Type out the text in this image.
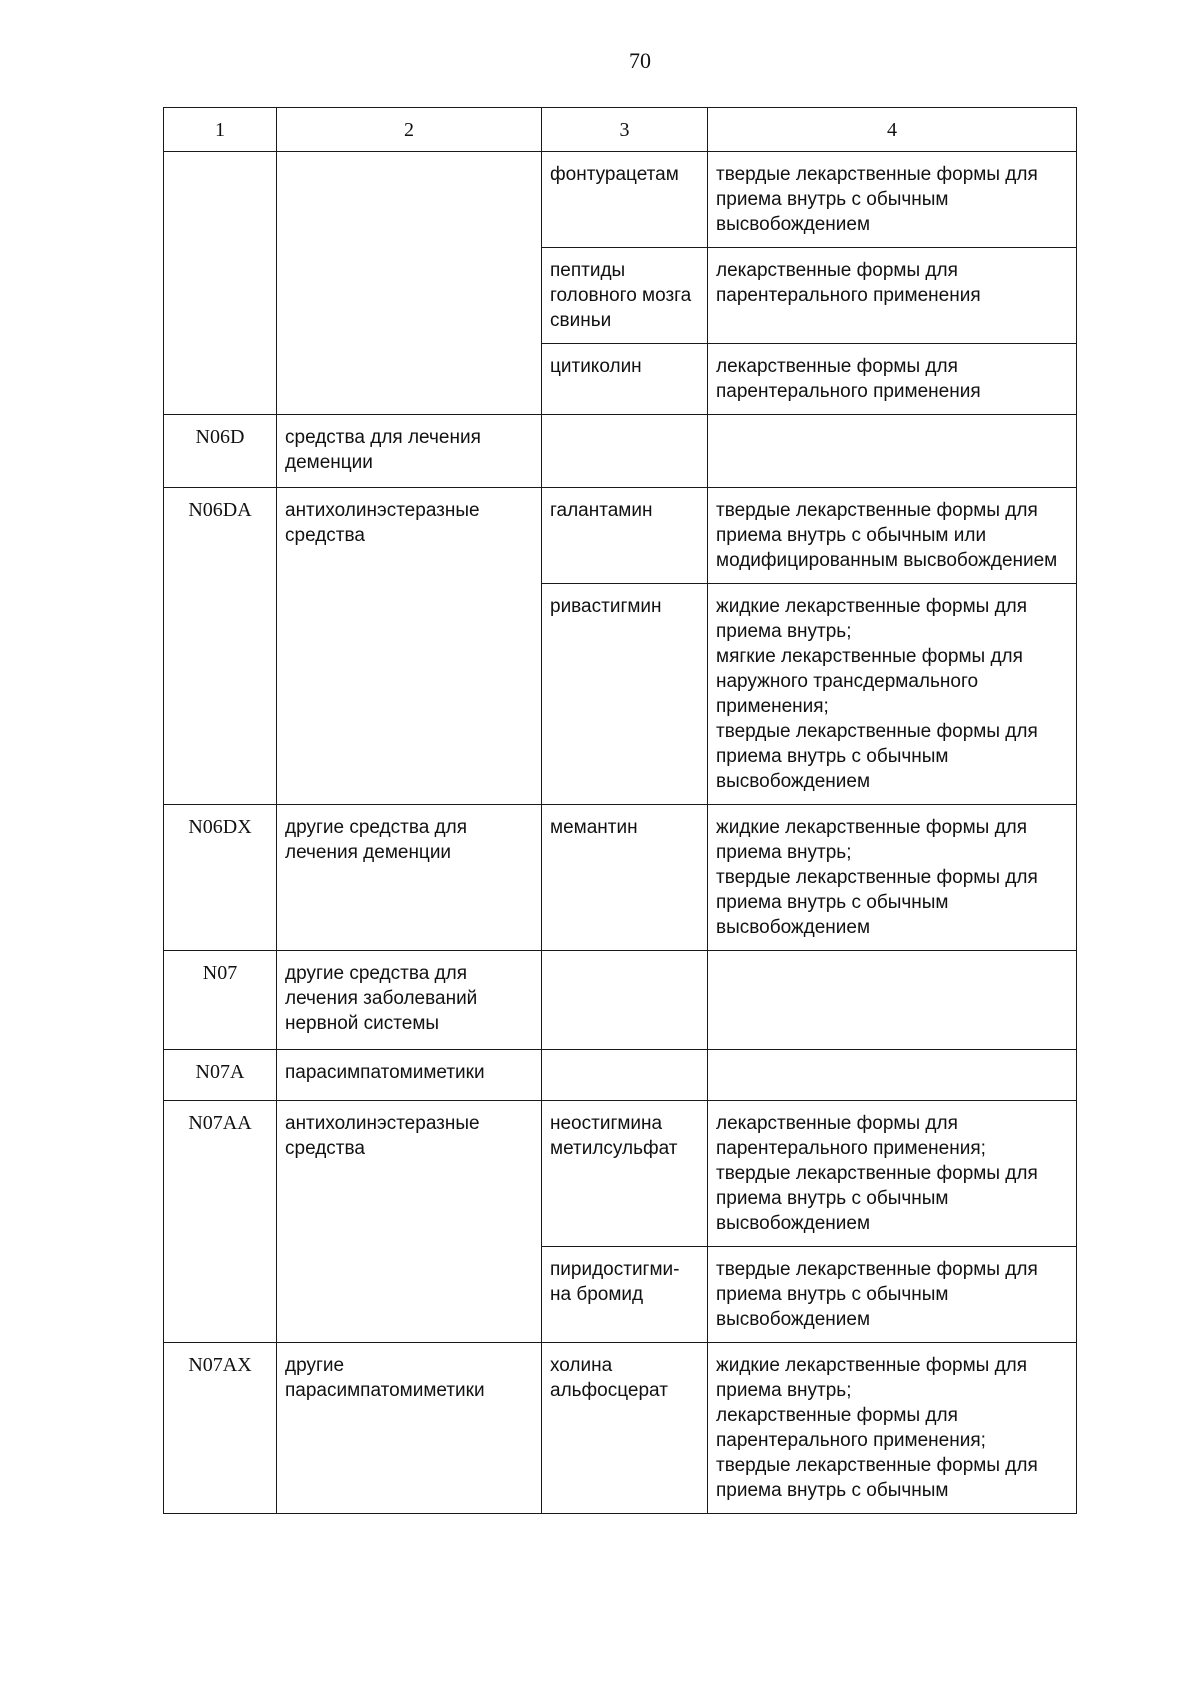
70
1	2	3	4
		фонтурацетам	твердые лекарственные формы для приема внутрь с обычным высвобождением
		пептиды головного мозга свиньи	лекарственные формы для парентерального применения
		цитиколин	лекарственные формы для парентерального применения
N06D	средства для лечения деменции		
N06DA	антихолинэстеразные средства	галантамин	твердые лекарственные формы для приема внутрь с обычным или модифицированным высвобождением
		ривастигмин	жидкие лекарственные формы для приема внутрь;
мягкие лекарственные формы для наружного трансдермального применения;
твердые лекарственные формы для приема внутрь с обычным высвобождением
N06DX	другие средства для лечения деменции	мемантин	жидкие лекарственные формы для приема внутрь;
твердые лекарственные формы для приема внутрь с обычным высвобождением
N07	другие средства для лечения заболеваний нервной системы		
N07A	парасимпатомиметики		
N07AA	антихолинэстеразные средства	неостигмина метилсульфат	лекарственные формы для парентерального применения;
твердые лекарственные формы для приема внутрь с обычным высвобождением
		пиридостигми-
на бромид	твердые лекарственные формы для приема внутрь с обычным высвобождением
N07AX	другие парасимпатомиметики	холина альфосцерат	жидкие лекарственные формы для приема внутрь;
лекарственные формы для парентерального применения;
твердые лекарственные формы для приема внутрь с обычным
